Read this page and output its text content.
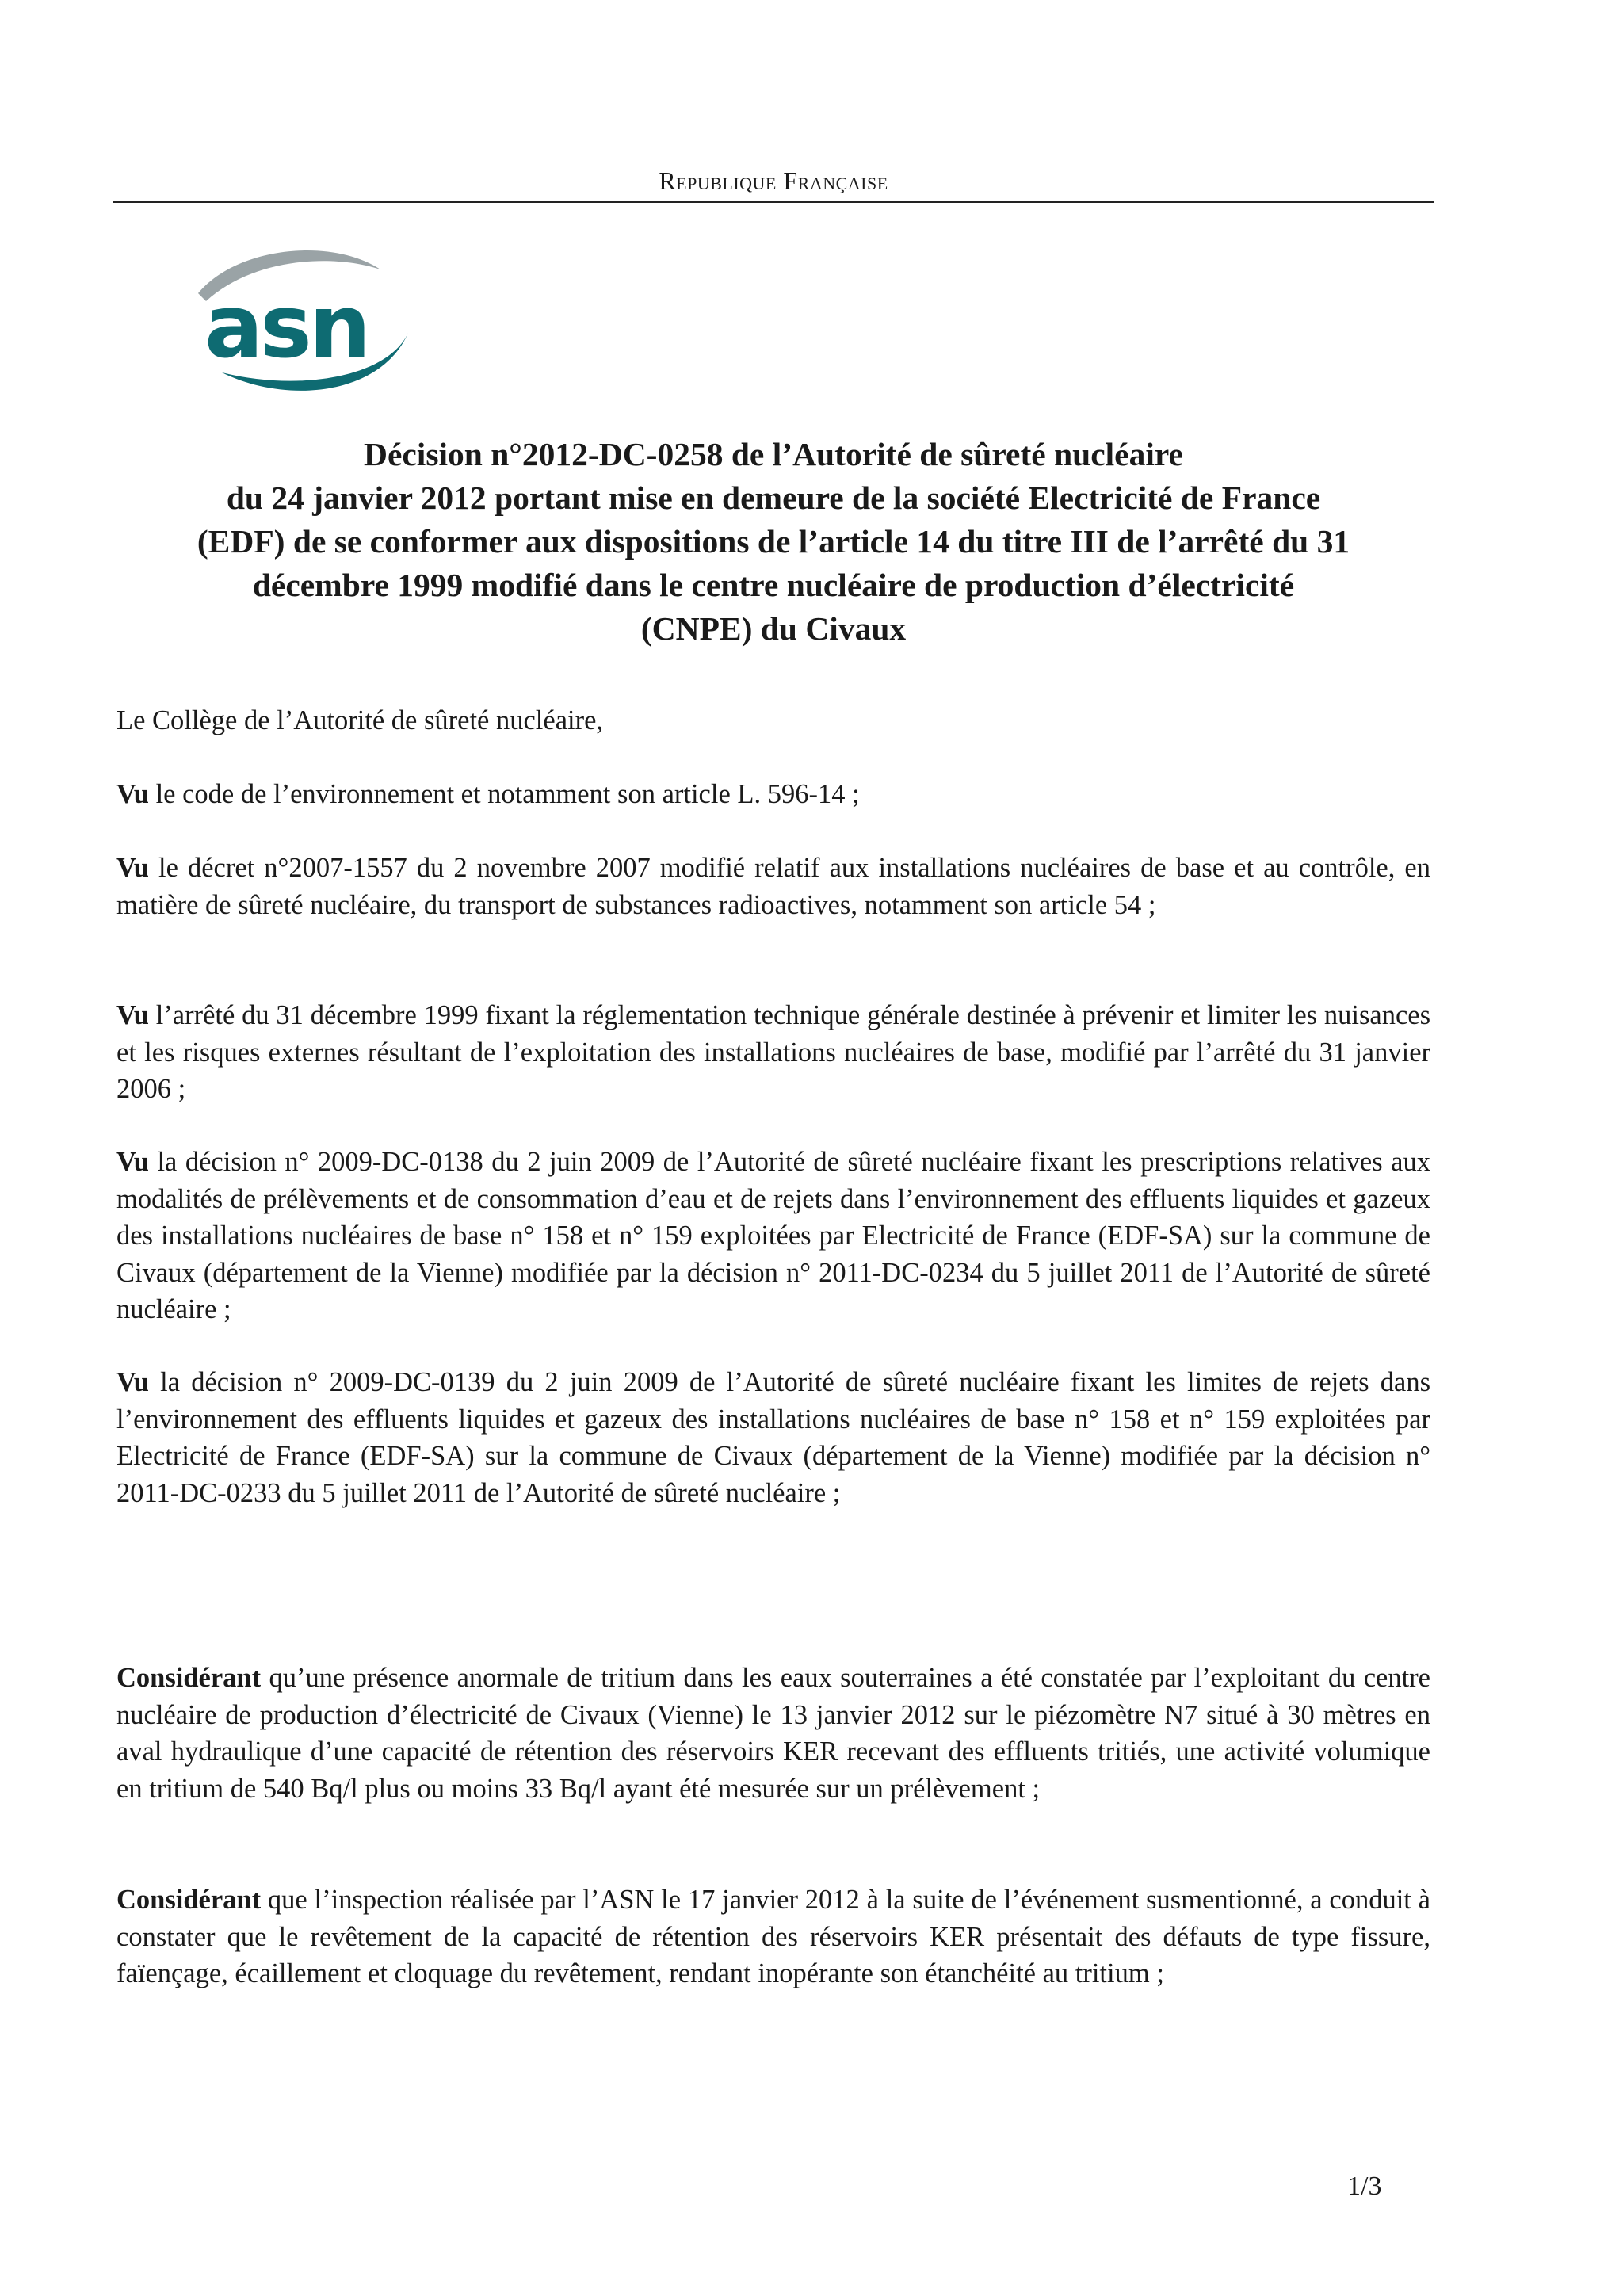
Republique Française
asn
Décision n°2012-DC-0258 de l’Autorité de sûreté nucléaire
du 24 janvier 2012 portant mise en demeure de la société Electricité de France
(EDF) de se conformer aux dispositions de l’article 14 du titre III de l’arrêté du 31
décembre 1999 modifié dans le centre nucléaire de production d’électricité
(CNPE) du Civaux

Le Collège de l’Autorité de sûreté nucléaire,

Vu le code de l’environnement et notamment son article L. 596-14 ;

Vu le décret n°2007-1557 du 2 novembre 2007 modifié relatif aux installations nucléaires de base et au contrôle, en matière de sûreté nucléaire, du transport de substances radioactives, notamment son article 54 ;

Vu l’arrêté du 31 décembre 1999 fixant la réglementation technique générale destinée à prévenir et limiter les nuisances et les risques externes résultant de l’exploitation des installations nucléaires de base, modifié par l’arrêté du 31 janvier 2006 ;

Vu la décision n° 2009-DC-0138 du 2 juin 2009 de l’Autorité de sûreté nucléaire fixant les prescriptions relatives aux modalités de prélèvements et de consommation d’eau et de rejets dans l’environnement des effluents liquides et gazeux des installations nucléaires de base n° 158 et n° 159 exploitées par Electricité de France (EDF-SA) sur la commune de Civaux (département de la Vienne) modifiée par la décision n° 2011-DC-0234 du 5 juillet 2011 de l’Autorité de sûreté nucléaire ;

Vu la décision n° 2009-DC-0139 du 2 juin 2009 de l’Autorité de sûreté nucléaire fixant les limites de rejets dans l’environnement des effluents liquides et gazeux des installations nucléaires de base n° 158 et n° 159 exploitées par Electricité de France (EDF-SA) sur la commune de Civaux (département de la Vienne) modifiée par la décision n° 2011-DC-0233 du 5 juillet 2011 de l’Autorité de sûreté nucléaire ;

Considérant qu’une présence anormale de tritium dans les eaux souterraines a été constatée par l’exploitant du centre nucléaire de production d’électricité de Civaux (Vienne) le 13 janvier 2012 sur le piézomètre N7 situé à 30 mètres en aval hydraulique d’une capacité de rétention des réservoirs KER recevant des effluents tritiés, une activité volumique en tritium de 540 Bq/l plus ou moins 33 Bq/l ayant été mesurée sur un prélèvement ;

Considérant que l’inspection réalisée par l’ASN le 17 janvier 2012 à la suite de l’événement susmentionné, a conduit à constater que le revêtement de la capacité de rétention des réservoirs KER présentait des défauts de type fissure, faïençage, écaillement et cloquage du revêtement, rendant inopérante son étanchéité au tritium ;

1/3
